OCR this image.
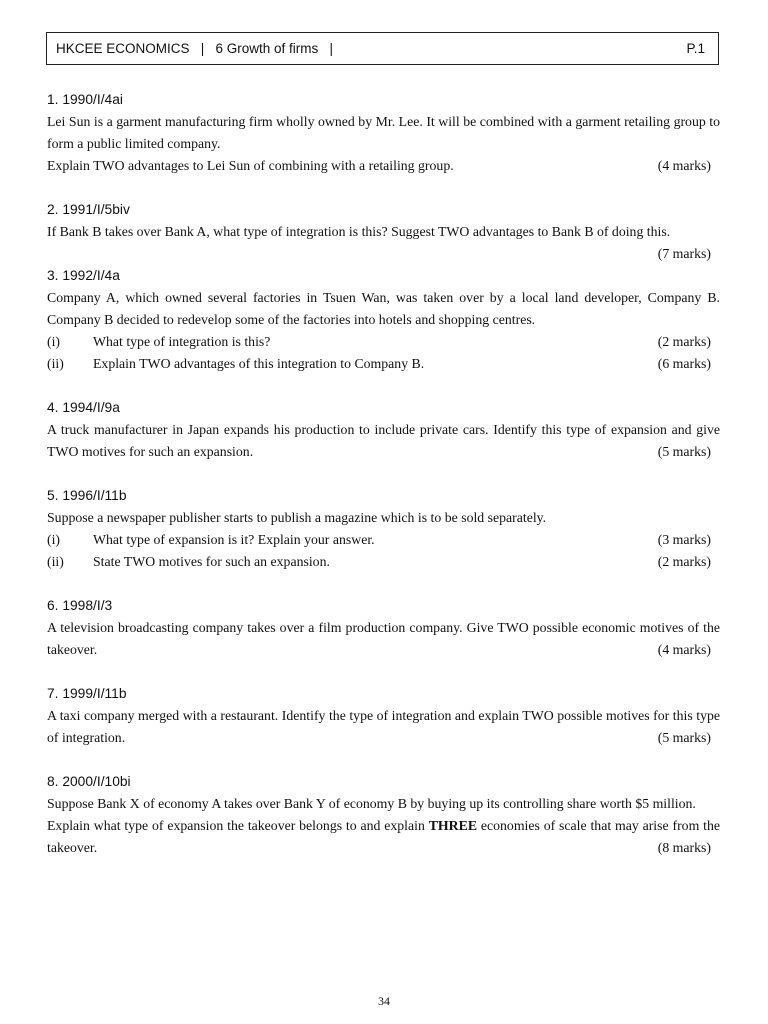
HKCEE ECONOMICS   |   6 Growth of firms   |	P.1
1. 1990/I/4ai
Lei Sun is a garment manufacturing firm wholly owned by Mr. Lee. It will be combined with a garment retailing group to form a public limited company.
Explain TWO advantages to Lei Sun of combining with a retailing group.	(4 marks)
2. 1991/I/5biv
If Bank B takes over Bank A, what type of integration is this? Suggest TWO advantages to Bank B of doing this.
(7 marks)
3. 1992/I/4a
Company A, which owned several factories in Tsuen Wan, was taken over by a local land developer, Company B. Company B decided to redevelop some of the factories into hotels and shopping centres.
(i) What type of integration is this?	(2 marks)
(ii) Explain TWO advantages of this integration to Company B.	(6 marks)
4. 1994/I/9a
A truck manufacturer in Japan expands his production to include private cars. Identify this type of expansion and give TWO motives for such an expansion.	(5 marks)
5. 1996/I/11b
Suppose a newspaper publisher starts to publish a magazine which is to be sold separately.
(i) What type of expansion is it? Explain your answer.	(3 marks)
(ii) State TWO motives for such an expansion.	(2 marks)
6. 1998/I/3
A television broadcasting company takes over a film production company. Give TWO possible economic motives of the takeover.	(4 marks)
7. 1999/I/11b
A taxi company merged with a restaurant. Identify the type of integration and explain TWO possible motives for this type of integration.	(5 marks)
8. 2000/I/10bi
Suppose Bank X of economy A takes over Bank Y of economy B by buying up its controlling share worth $5 million.
Explain what type of expansion the takeover belongs to and explain THREE economies of scale that may arise from the takeover.	(8 marks)
34
